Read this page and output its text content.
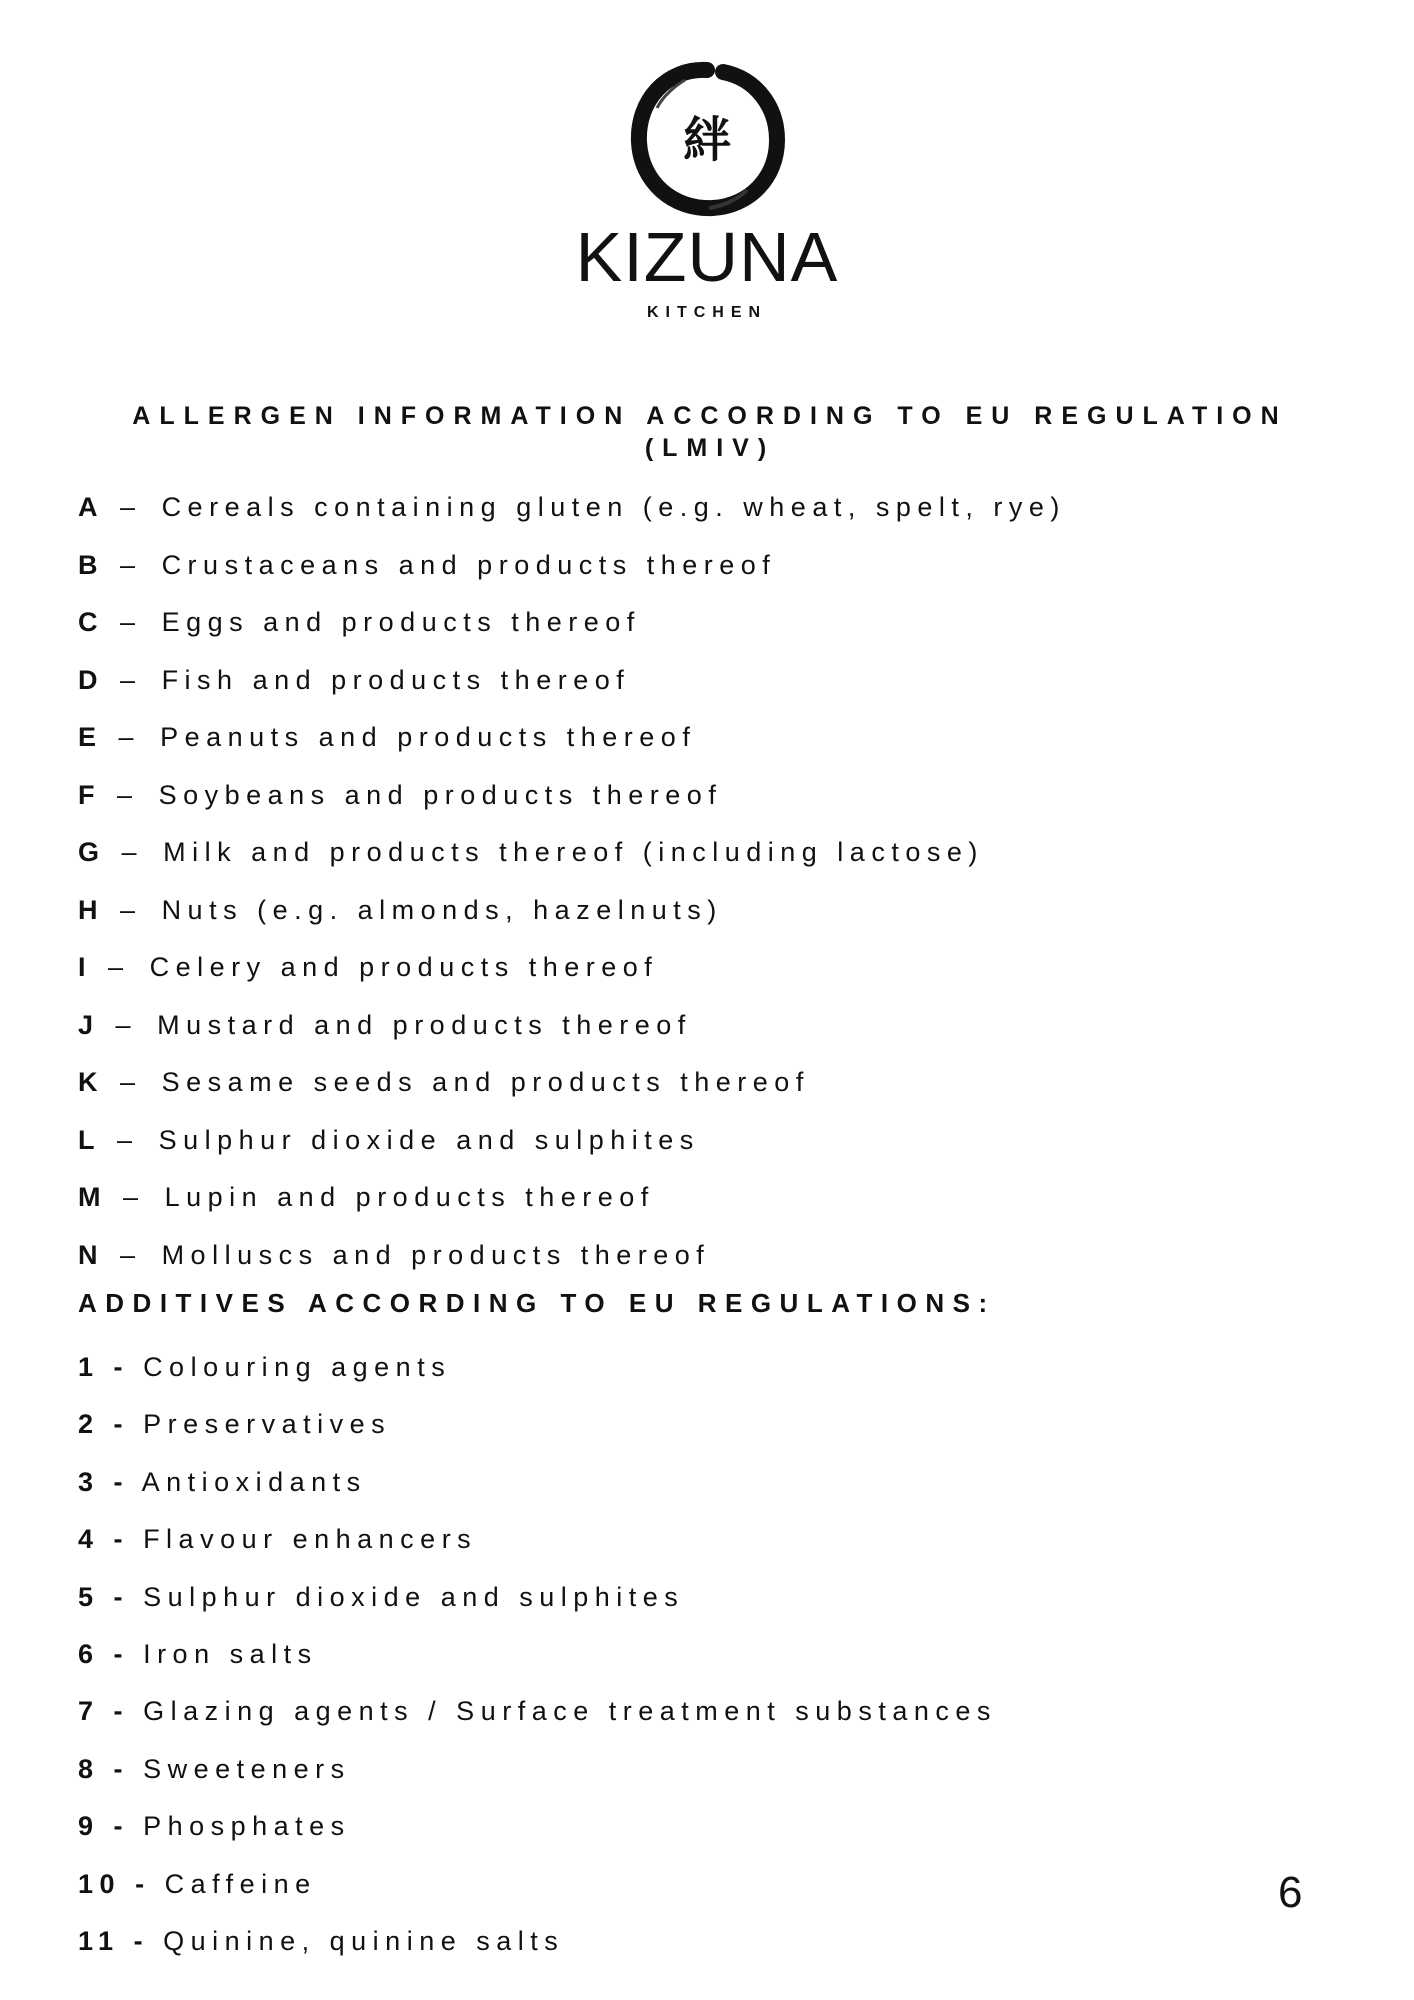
絆
KIZUNA
KITCHEN
ALLERGEN INFORMATION ACCORDING TO EU REGULATION (LMIV)
A – Cereals containing gluten (e.g. wheat, spelt, rye)
B – Crustaceans and products thereof
C – Eggs and products thereof
D – Fish and products thereof
E – Peanuts and products thereof
F – Soybeans and products thereof
G – Milk and products thereof (including lactose)
H – Nuts (e.g. almonds, hazelnuts)
I – Celery and products thereof
J – Mustard and products thereof
K – Sesame seeds and products thereof
L – Sulphur dioxide and sulphites
M – Lupin and products thereof
N – Molluscs and products thereof
ADDITIVES ACCORDING TO EU REGULATIONS:
1 - Colouring agents
2 - Preservatives
3 - Antioxidants
4 - Flavour enhancers
5 - Sulphur dioxide and sulphites
6 - Iron salts
7 - Glazing agents / Surface treatment substances
8 - Sweeteners
9 - Phosphates
10 - Caffeine
11 - Quinine, quinine salts
6
